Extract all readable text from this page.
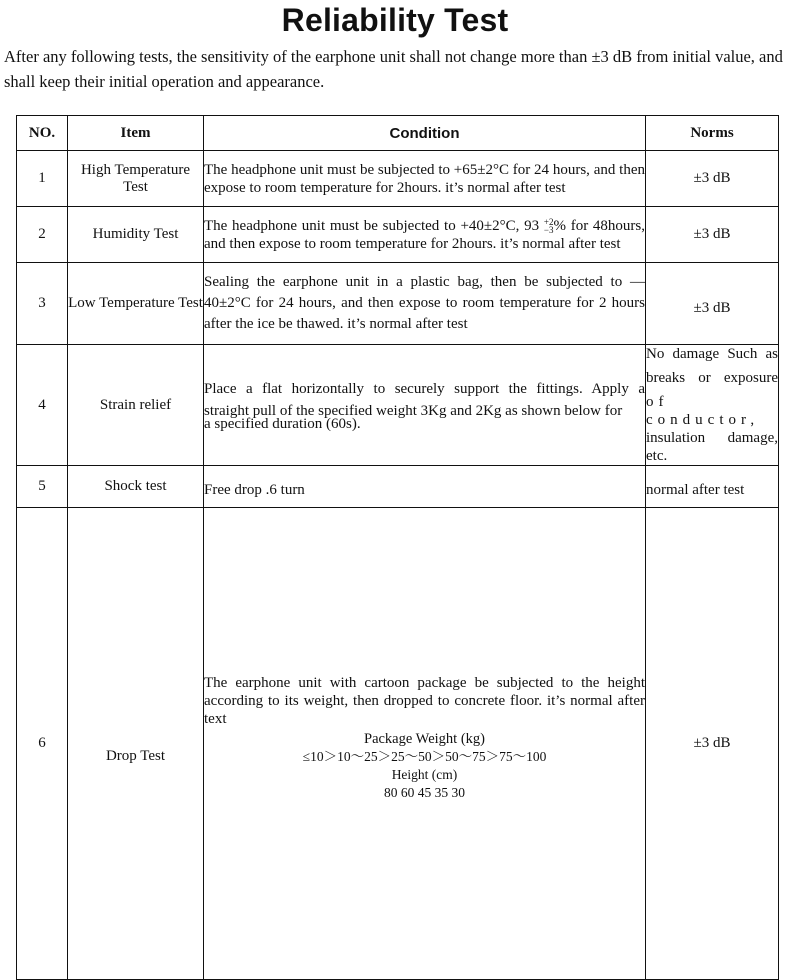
Reliability Test
After any following tests, the sensitivity of the earphone unit shall not change more than ±3 dB from initial value, and shall keep their initial operation and appearance.
NO.	Item	Condition	Norms
1	High Temperature Test	The headphone unit must be subjected to +65±2°C for 24 hours, and then expose to room temperature for 2hours. it’s normal after test	±3 dB
2	Humidity Test	The headphone unit must be subjected to +40±2°C, 93 +2
−3% for 48hours, and then expose to room temperature for 2hours. it’s normal after test	±3 dB
3	Low Temperature Test	Sealing the earphone unit in a plastic bag, then be subjected to — 40±2°C for 24 hours, and then expose to room temperature for 2 hours after the ice be thawed. it’s normal after test	±3 dB
4	Strain relief	Place a flat horizontally to securely support the fittings. Apply a
straight pull of the specified weight 3Kg and 2Kg as shown below for
a specified duration (60s).	No damage Such as
breaks or exposure
of conductor,
insulation damage,
etc.

5	Shock test	Free drop .6 turn	normal after test
6	Drop Test	The earphone unit with cartoon package be subjected to the height according to its weight, then dropped to concrete floor. it’s normal after text
Package Weight (kg)
≤10＞10～25＞25～50＞50～75＞75～100
Height (cm)
80 60 45 35 30	±3 dB
